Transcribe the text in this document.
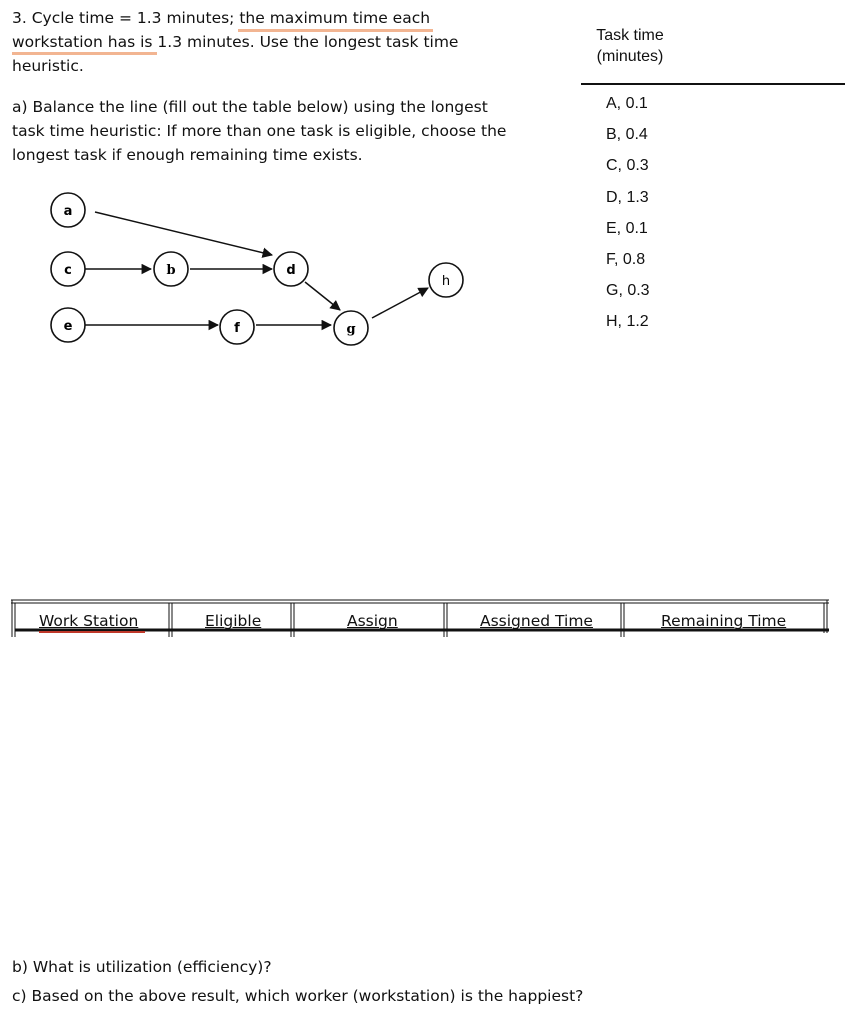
3. Cycle time = 1.3 minutes; the maximum time each
workstation has is 1.3 minutes. Use the longest task time
heuristic.
a) Balance the line (fill out the table below) using the longest
task time heuristic: If more than one task is eligible, choose the
longest task if enough remaining time exists.
Task time
(minutes)
A, 0.1
B, 0.4
C, 0.3
D, 1.3
E, 0.1
F, 0.8
G, 0.3
H, 1.2
a
c
e
b	d
f	g
h
Work Station	Eligible	Assign	Assigned Time	Remaining Time
b) What is utilization (efficiency)?
c) Based on the above result, which worker (workstation) is the happiest?
